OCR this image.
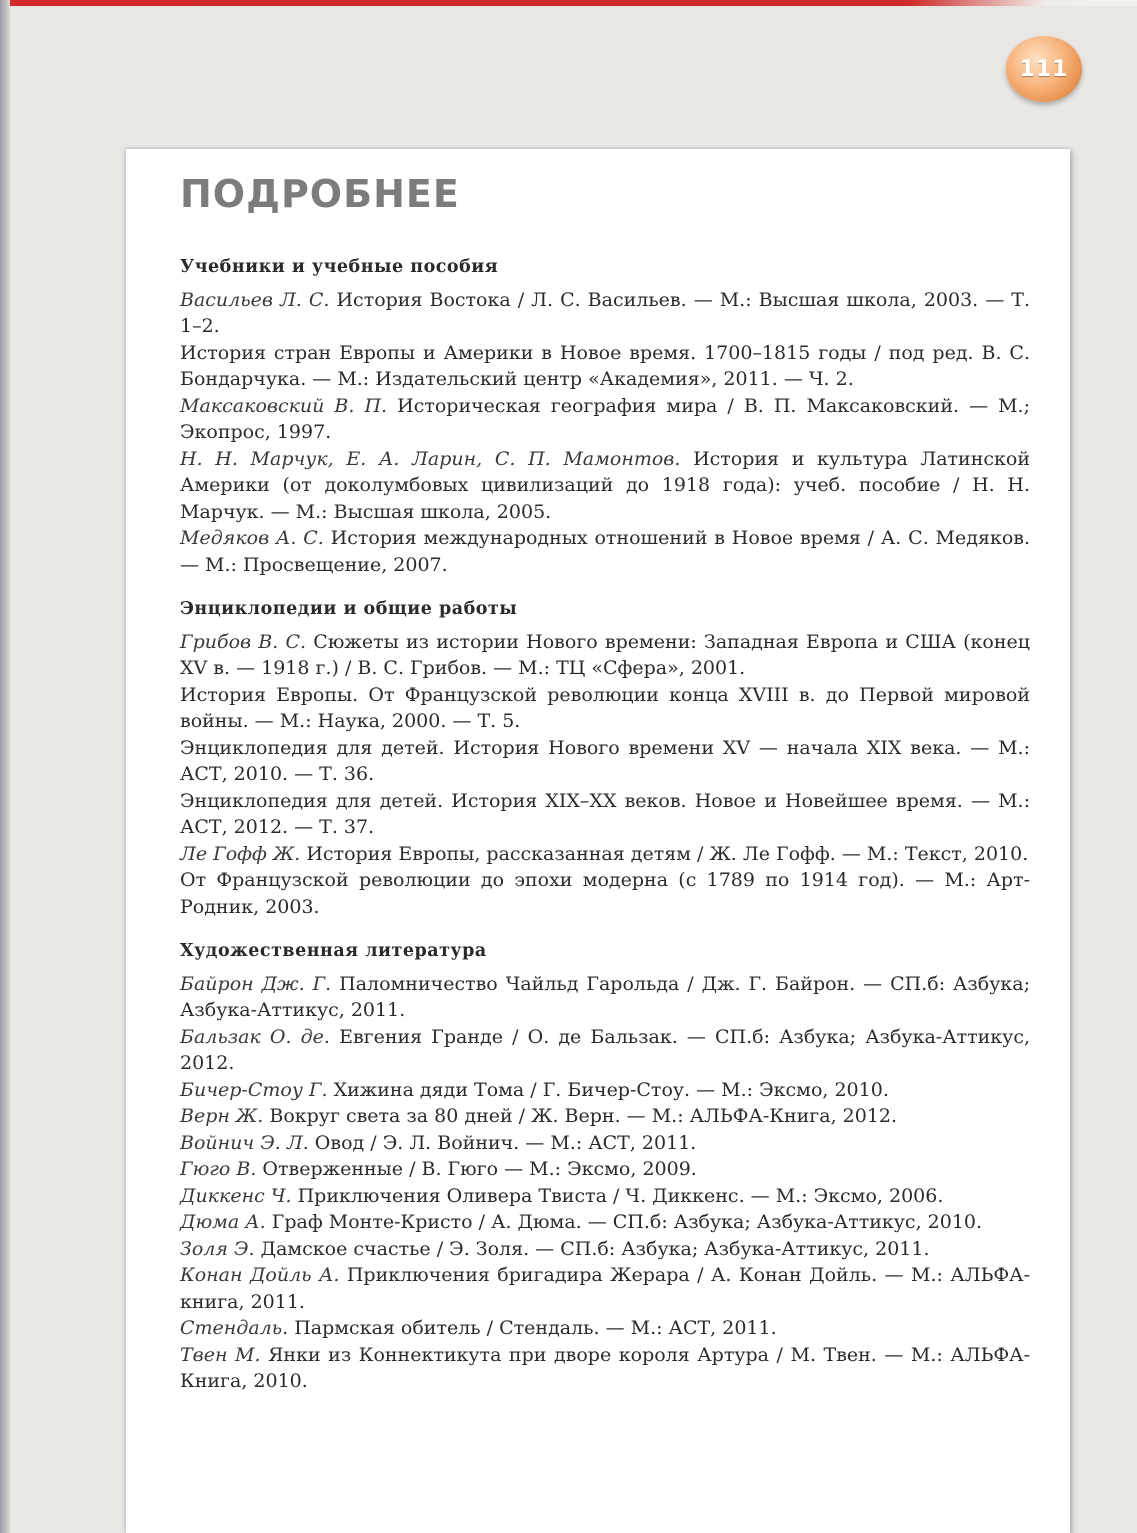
111
ПОДРОБНЕЕ
Учебники и учебные пособия

Васильев Л. С. История Востока / Л. С. Васильев. — М.: Высшая школа, 2003. — Т. 1–2.

История стран Европы и Америки в Новое время. 1700–1815 годы / под ред. В. С. Бондарчука. — М.: Издательский центр «Академия», 2011. — Ч. 2.

Максаковский В. П. Историческая география мира / В. П. Максаковский. — М.; Экопрос, 1997.

Н. Н. Марчук, Е. А. Ларин, С. П. Мамонтов. История и культура Латинской Америки (от доколумбовых цивилизаций до 1918 года): учеб. пособие / Н. Н. Марчук. — М.: Высшая школа, 2005.

Медяков А. С. История международных отношений в Новое время / А. С. Медяков. — М.: Просвещение, 2007.

Энциклопедии и общие работы

Грибов В. С. Сюжеты из истории Нового времени: Западная Европа и США (конец XV в. — 1918 г.) / В. С. Грибов. — М.: ТЦ «Сфера», 2001.

История Европы. От Французской революции конца XVIII в. до Первой мировой войны. — М.: Наука, 2000. — Т. 5.

Энциклопедия для детей. История Нового времени XV — начала XIX века. — М.: АСТ, 2010. — Т. 36.

Энциклопедия для детей. История XIX–XX веков. Новое и Новейшее время. — М.: АСТ, 2012. — Т. 37.

Ле Гофф Ж. История Европы, рассказанная детям / Ж. Ле Гофф. — М.: Текст, 2010.

От Французской революции до эпохи модерна (с 1789 по 1914 год). — М.: Арт-Родник, 2003.

Художественная литература

Байрон Дж. Г. Паломничество Чайльд Гарольда / Дж. Г. Байрон. — СП.б: Азбука; Азбука-Аттикус, 2011.

Бальзак О. де. Евгения Гранде / О. де Бальзак. — СП.б: Азбука; Азбука-Аттикус, 2012.

Бичер-Стоу Г. Хижина дяди Тома / Г. Бичер-Стоу. — М.: Эксмо, 2010.

Верн Ж. Вокруг света за 80 дней / Ж. Верн. — М.: АЛЬФА-Книга, 2012.

Войнич Э. Л. Овод / Э. Л. Войнич. — М.: АСТ, 2011.

Гюго В. Отверженные / В. Гюго — М.: Эксмо, 2009.

Диккенс Ч. Приключения Оливера Твиста / Ч. Диккенс. — М.: Эксмо, 2006.

Дюма А. Граф Монте-Кристо / А. Дюма. — СП.б: Азбука; Азбука-Аттикус, 2010.

Золя Э. Дамское счастье / Э. Золя. — СП.б: Азбука; Азбука-Аттикус, 2011.

Конан Дойль А. Приключения бригадира Жерара / А. Конан Дойль. — М.: АЛЬФА-книга, 2011.

Стендаль. Пармская обитель / Стендаль. — М.: АСТ, 2011.

Твен М. Янки из Коннектикута при дворе короля Артура / М. Твен. — М.: АЛЬФА-Книга, 2010.
